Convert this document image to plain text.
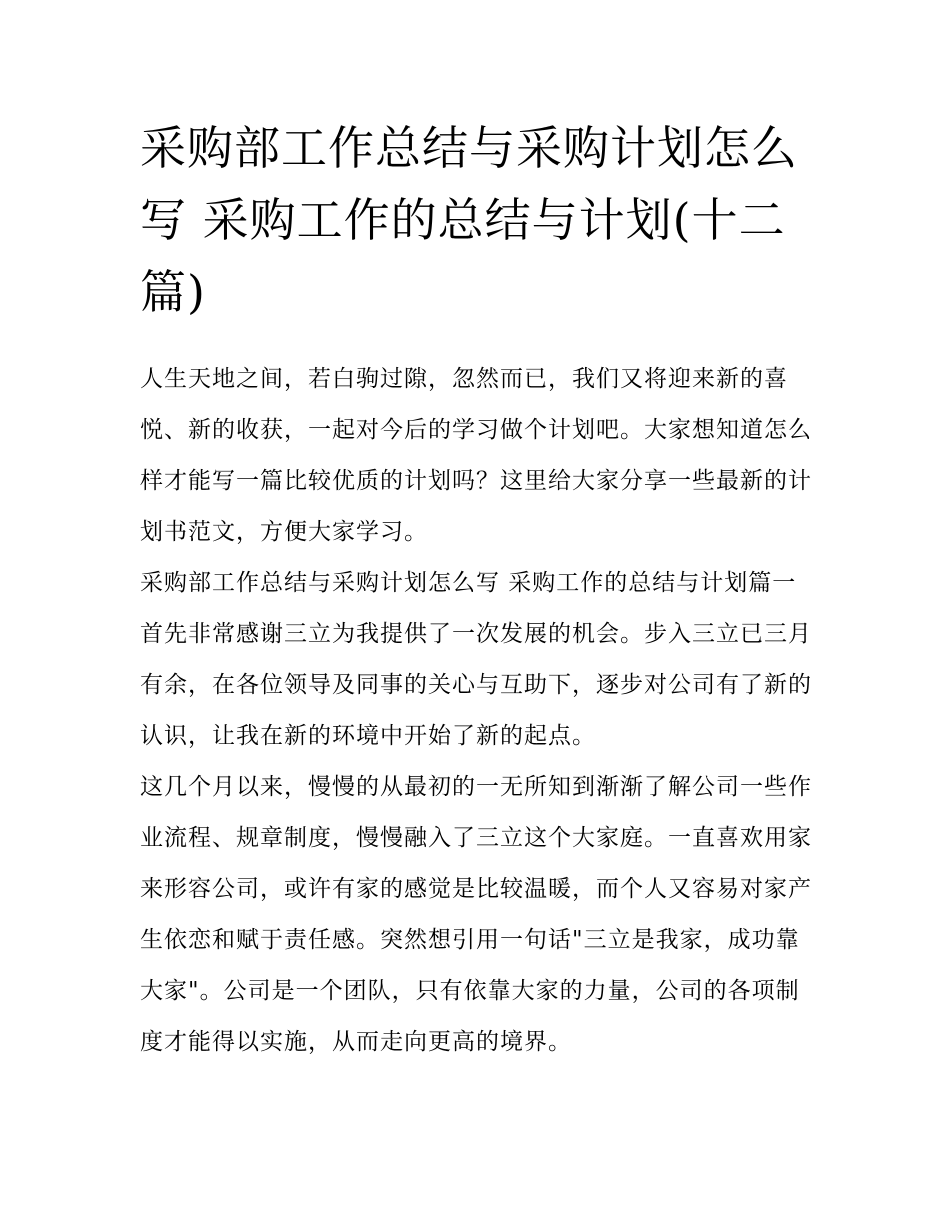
采购部工作总结与采购计划怎么写 采购工作的总结与计划(十二篇)

人生天地之间，若白驹过隙，忽然而已，我们又将迎来新的喜悦、新的收获，一起对今后的学习做个计划吧。大家想知道怎么样才能写一篇比较优质的计划吗？这里给大家分享一些最新的计划书范文，方便大家学习。

采购部工作总结与采购计划怎么写 采购工作的总结与计划篇一

首先非常感谢三立为我提供了一次发展的机会。步入三立已三月有余，在各位领导及同事的关心与互助下，逐步对公司有了新的认识，让我在新的环境中开始了新的起点。

这几个月以来，慢慢的从最初的一无所知到渐渐了解公司一些作业流程、规章制度，慢慢融入了三立这个大家庭。一直喜欢用家来形容公司，或许有家的感觉是比较温暖，而个人又容易对家产生依恋和赋于责任感。突然想引用一句话"三立是我家，成功靠大家"。公司是一个团队，只有依靠大家的力量，公司的各项制度才能得以实施，从而走向更高的境界。
